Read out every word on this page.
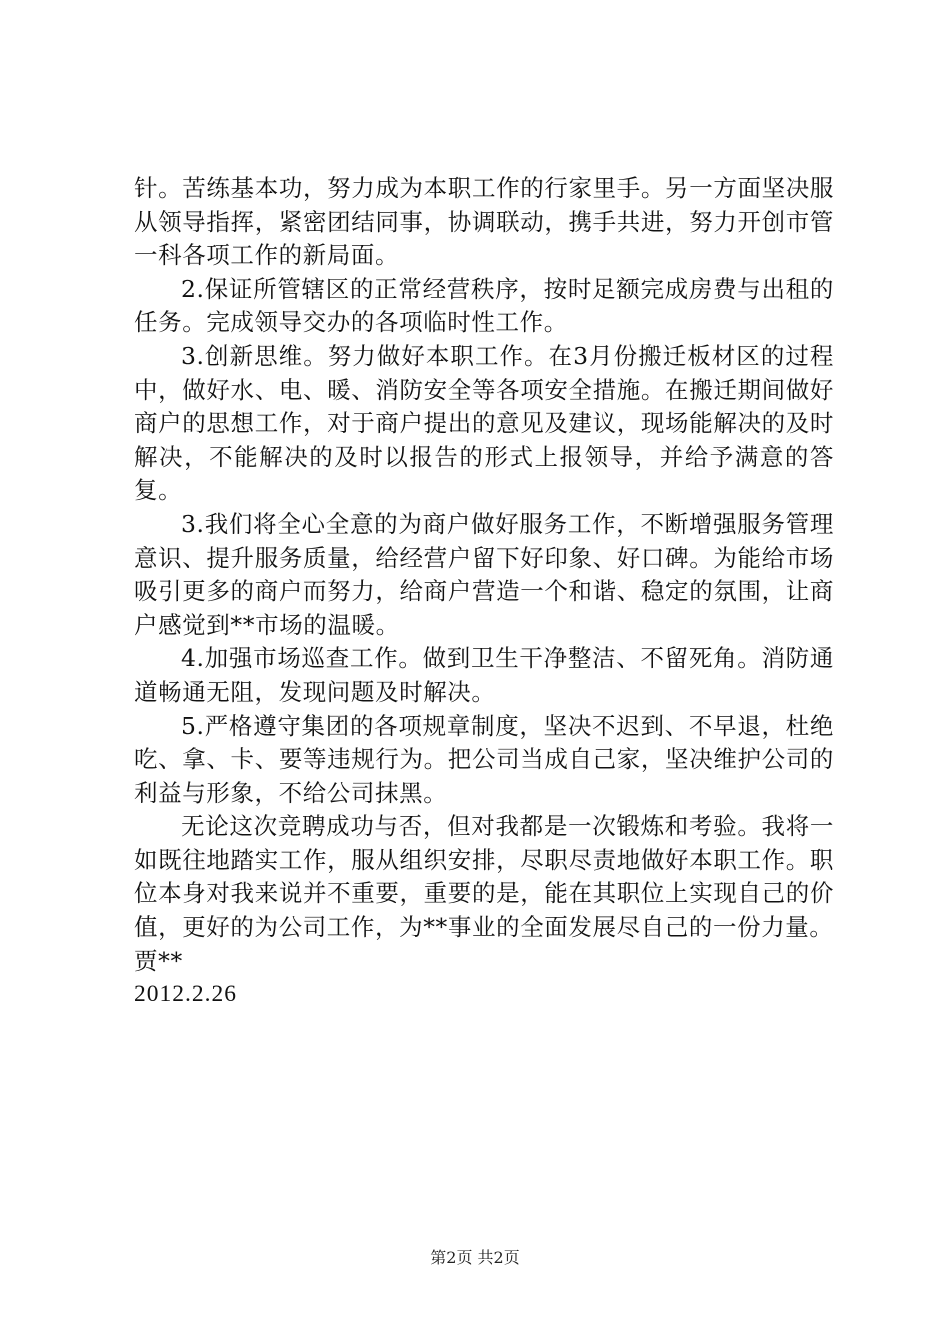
针。苦练基本功，努力成为本职工作的行家里手。另一方面坚决服从领导指挥，紧密团结同事，协调联动，携手共进，努力开创市管一科各项工作的新局面。

2.保证所管辖区的正常经营秩序，按时足额完成房费与出租的任务。完成领导交办的各项临时性工作。

3.创新思维。努力做好本职工作。在3月份搬迁板材区的过程中，做好水、电、暖、消防安全等各项安全措施。在搬迁期间做好商户的思想工作，对于商户提出的意见及建议，现场能解决的及时解决，不能解决的及时以报告的形式上报领导，并给予满意的答复。

3.我们将全心全意的为商户做好服务工作，不断增强服务管理意识、提升服务质量，给经营户留下好印象、好口碑。为能给市场吸引更多的商户而努力，给商户营造一个和谐、稳定的氛围，让商户感觉到**市场的温暖。

4.加强市场巡查工作。做到卫生干净整洁、不留死角。消防通道畅通无阻，发现问题及时解决。

5.严格遵守集团的各项规章制度，坚决不迟到、不早退，杜绝吃、拿、卡、要等违规行为。把公司当成自己家，坚决维护公司的利益与形象，不给公司抹黑。

无论这次竞聘成功与否，但对我都是一次锻炼和考验。我将一如既往地踏实工作，服从组织安排，尽职尽责地做好本职工作。职位本身对我来说并不重要，重要的是，能在其职位上实现自己的价值，更好的为公司工作，为**事业的全面发展尽自己的一份力量。

贾**

2012.2.26

第2页 共2页
